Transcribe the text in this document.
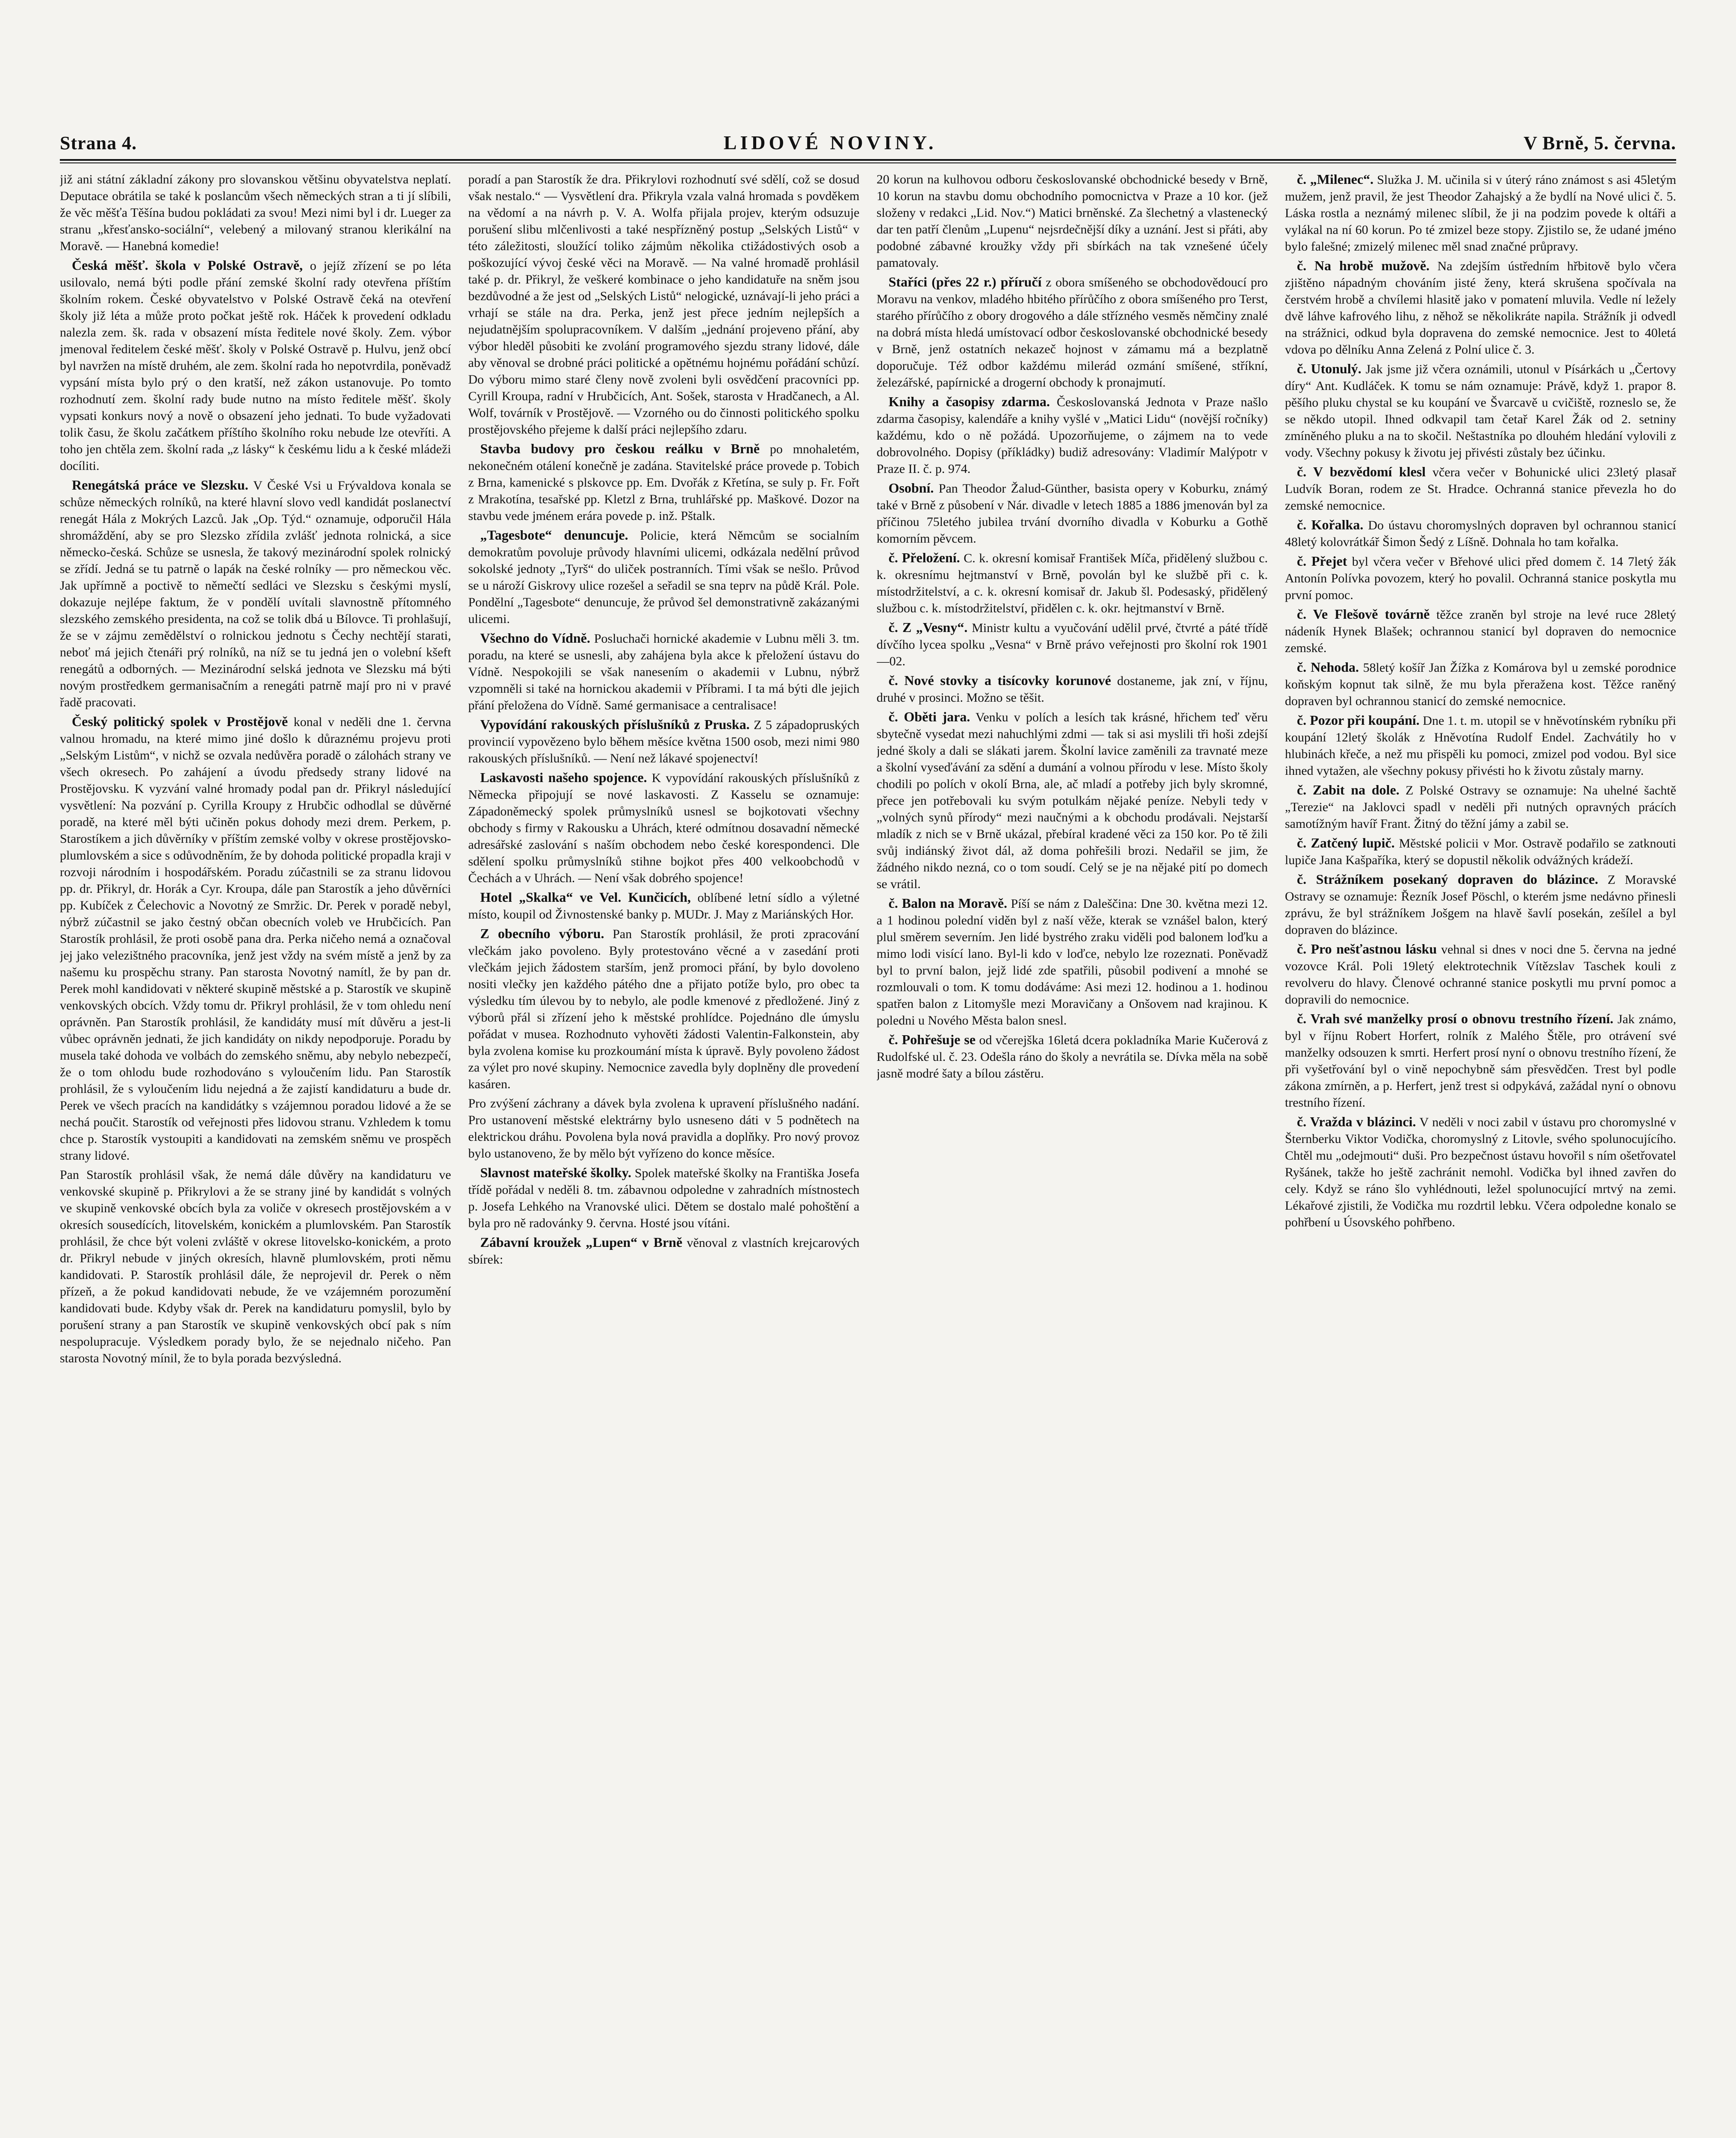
Strana 4.	LIDOVÉ NOVINY.	V Brně, 5. června.

již ani státní základní zákony pro slovanskou většinu obyvatelstva neplatí. Deputace obrátila se také k poslancům všech německých stran a ti jí slíbili, že věc měšťa Těšína budou pokládati za svou! Mezi nimi byl i dr. Lueger za stranu „křesťansko-sociální“, velebený a milovaný stranou klerikální na Moravě. — Hanebná komedie!

Česká měšť. škola v Polské Ostravě, o jejíž zřízení se po léta usilovalo, nemá býti podle přání zemské školní rady otevřena příštím školním rokem. České obyvatelstvo v Polské Ostravě čeká na otevření školy již léta a může proto počkat ještě rok. Háček k provedení odkladu nalezla zem. šk. rada v obsazení místa ředitele nové školy. Zem. výbor jmenoval ředitelem české měšť. školy v Polské Ostravě p. Hulvu, jenž obcí byl navržen na místě druhém, ale zem. školní rada ho nepotvrdila, poněvadž vypsání místa bylo prý o den kratší, než zákon ustanovuje. Po tomto rozhodnutí zem. školní rady bude nutno na místo ředitele měšť. školy vypsati konkurs nový a nově o obsazení jeho jednati. To bude vyžadovati tolik času, že školu začátkem příštího školního roku nebude lze otevříti. A toho jen chtěla zem. školní rada „z lásky“ k českému lidu a k české mládeži docíliti.

Renegátská práce ve Slezsku. V České Vsi u Frývaldova konala se schůze německých rolníků, na které hlavní slovo vedl kandidát poslanectví renegát Hála z Mokrých Lazců. Jak „Op. Týd.“ oznamuje, odporučil Hála shromáždění, aby se pro Slezsko zřídila zvlášť jednota rolnická, a sice německo-česká. Schůze se usnesla, že takový mezinárodní spolek rolnický se zřídí. Jedná se tu patrně o lapák na české rolníky — pro německou věc. Jak upřímně a poctivě to němečtí sedláci ve Slezsku s českými myslí, dokazuje nejlépe faktum, že v pondělí uvítali slavnostně přítomného slezského zemského presidenta, na což se tolik dbá u Bílovce. Ti prohlašují, že se v zájmu zemědělství o rolnickou jednotu s Čechy nechtějí starati, neboť má jejich čtenáři prý rolníků, na níž se tu jedná jen o volební kšeft renegátů a odborných. — Mezinárodní selská jednota ve Slezsku má býti novým prostředkem germanisačním a renegáti patrně mají pro ni v pravé řadě pracovati.

Český politický spolek v Prostějově konal v neděli dne 1. června valnou hromadu, na které mimo jiné došlo k důraznému projevu proti „Selským Listům“, v nichž se ozvala nedůvěra poradě o zálohách strany ve všech okresech. Po zahájení a úvodu předsedy strany lidové na Prostějovsku. K vyzvání valné hromady podal pan dr. Přikryl následující vysvětlení: Na pozvání p. Cyrilla Kroupy z Hrubčic odhodlal se důvěrné poradě, na které měl býti učiněn pokus dohody mezi drem. Perkem, p. Starostíkem a jich důvěrníky v příštím zemské volby v okrese prostějovsko-plumlovském a sice s odůvodněním, že by dohoda politické propadla kraji v rozvoji národním i hospodářském. Poradu zúčastnili se za stranu lidovou pp. dr. Přikryl, dr. Horák a Cyr. Kroupa, dále pan Starostík a jeho důvěrníci pp. Kubíček z Čelechovic a Novotný ze Smržic. Dr. Perek v poradě nebyl, nýbrž zúčastnil se jako čestný občan obecních voleb ve Hrubčicích. Pan Starostík prohlásil, že proti osobě pana dra. Perka ničeho nemá a označoval jej jako velezištného pracovníka, jenž jest vždy na svém místě a jenž by za našemu ku prospěchu strany. Pan starosta Novotný namítl, že by pan dr. Perek mohl kandidovati v některé skupině městské a p. Starostík ve skupině venkovských obcích. Vždy tomu dr. Přikryl prohlásil, že v tom ohledu není oprávněn. Pan Starostík prohlásil, že kandidáty musí mít důvěru a jest-li vůbec oprávněn jednati, že jich kandidáty on nikdy nepodporuje. Poradu by musela také dohoda ve volbách do zemského sněmu, aby nebylo nebezpečí, že o tom ohlodu bude rozhodováno s vyloučením lidu. Pan Starostík prohlásil, že s vyloučením lidu nejedná a že zajistí kandidaturu a bude dr. Perek ve všech pracích na kandidátky s vzájemnou poradou lidové a že se nechá poučit. Starostík od veřejnosti přes lidovou stranu. Vzhledem k tomu chce p. Starostík vystoupiti a kandidovati na zemském sněmu ve prospěch strany lidové.

Pan Starostík prohlásil však, že nemá dále důvěry na kandidaturu ve venkovské skupině p. Přikrylovi a že se strany jiné by kandidát s volných ve skupině venkovské obcích byla za voliče v okresech prostějovském a v okresích sousedících, litovelském, konickém a plumlovském. Pan Starostík prohlásil, že chce být voleni zvláště v okrese litovelsko-konickém, a proto dr. Přikryl nebude v jiných okresích, hlavně plumlovském, proti němu kandidovati. P. Starostík prohlásil dále, že neprojevil dr. Perek o něm přízeň, a že pokud kandidovati nebude, že ve vzájemném porozumění kandidovati bude. Kdyby však dr. Perek na kandidaturu pomyslil, bylo by porušení strany a pan Starostík ve skupině venkovských obcí pak s ním nespolupracuje. Výsledkem porady bylo, že se nejednalo ničeho. Pan starosta Novotný mínil, že to byla porada bezvýsledná.

poradí a pan Starostík že dra. Přikrylovi rozhodnutí své sdělí, což se dosud však nestalo.“ — Vysvětlení dra. Přikryla vzala valná hromada s povděkem na vědomí a na návrh p. V. A. Wolfa přijala projev, kterým odsuzuje porušení slibu mlčenlivosti a také nespřízněný postup „Selských Listů“ v této záležitosti, sloužící toliko zájmům několika ctižádostivých osob a poškozující vývoj české věci na Moravě. — Na valné hromadě prohlásil také p. dr. Přikryl, že veškeré kombinace o jeho kandidatuře na sněm jsou bezdůvodné a že jest od „Selských Listů“ nelogické, uznávají-li jeho práci a vrhají se stále na dra. Perka, jenž jest přece jedním nejlepších a nejudatnějším spolupracovníkem. V dalším „jednání projeveno přání, aby výbor hleděl působiti ke zvolání programového sjezdu strany lidové, dále aby věnoval se drobné práci politické a opětnému hojnému pořádání schůzí. Do výboru mimo staré členy nově zvoleni byli osvědčení pracovníci pp. Cyrill Kroupa, radní v Hrubčicích, Ant. Sošek, starosta v Hradčanech, a Al. Wolf, továrník v Prostějově. — Vzorného ou do činnosti politického spolku prostějovského přejeme k další práci nejlepšího zdaru.

Stavba budovy pro českou reálku v Brně po mnohaletém, nekonečném otálení konečně je zadána. Stavitelské práce provede p. Tobich z Brna, kamenické s plskovce pp. Em. Dvořák z Křetína, se suly p. Fr. Fořt z Mrakotína, tesařské pp. Kletzl z Brna, truhlářské pp. Maškové. Dozor na stavbu vede jménem erára povede p. inž. Pštalk.

„Tagesbote“ denuncuje. Policie, která Němcům se socialním demokratům povoluje průvody hlavními ulicemi, odkázala nedělní průvod sokolské jednoty „Tyrš“ do uliček postranních. Tími však se nešlo. Průvod se u nároží Giskrovy ulice rozešel a seřadil se sna teprv na půdě Král. Pole. Pondělní „Tagesbote“ denuncuje, že průvod šel demonstrativně zakázanými ulicemi.

Všechno do Vídně. Posluchači hornické akademie v Lubnu měli 3. tm. poradu, na které se usnesli, aby zahájena byla akce k přeložení ústavu do Vídně. Nespokojili se však nanesením o akademii v Lubnu, nýbrž vzpomněli si také na hornickou akademii v Příbrami. I ta má býti dle jejich přání přeložena do Vídně. Samé germanisace a centralisace!

Vypovídání rakouských příslušníků z Pruska. Z 5 západopruských provincií vypovězeno bylo během měsíce května 1500 osob, mezi nimi 980 rakouských příslušníků. — Není než lákavé spojenectví!

Laskavosti našeho spojence. K vypovídání rakouských příslušníků z Německa připojují se nové laskavosti. Z Kasselu se oznamuje: Západoněmecký spolek průmyslníků usnesl se bojkotovati všechny obchody s firmy v Rakousku a Uhrách, které odmítnou dosavadní německé adresářské zaslování s naším obchodem nebo české korespondenci. Dle sdělení spolku průmyslníků stihne bojkot přes 400 velkoobchodů v Čechách a v Uhrách. — Není však dobrého spojence!

Hotel „Skalka“ ve Vel. Kunčicích, oblíbené letní sídlo a výletné místo, koupil od Živnostenské banky p. MUDr. J. May z Mariánských Hor.

Z obecního výboru. Pan Starostík prohlásil, že proti zpracování vlečkám jako povoleno. Byly protestováno věcné a v zasedání proti vlečkám jejich žádostem starším, jenž promoci přání, by bylo dovoleno nositi vlečky jen každého pátého dne a přijato potíže bylo, pro obec ta výsledku tím úlevou by to nebylo, ale podle kmenové z předložené. Jiný z výborů přál si zřízení jeho k městské prohlídce. Pojednáno dle úmyslu pořádat v musea. Rozhodnuto vyhověti žádosti Valentin-Falkonstein, aby byla zvolena komise ku prozkoumání místa k úpravě. Byly povoleno žádost za výlet pro nové skupiny. Nemocnice zavedla byly doplněny dle provedení kasáren.

Pro zvýšení záchrany a dávek byla zvolena k upravení příslušného nadání. Pro ustanovení městské elektrárny bylo usneseno dáti v 5 podnětech na elektrickou dráhu. Povolena byla nová pravidla a doplňky. Pro nový provoz bylo ustanoveno, že by mělo být vyřízeno do konce měsíce.

Slavnost mateřské školky. Spolek mateřské školky na Františka Josefa třídě pořádal v neděli 8. tm. zábavnou odpoledne v zahradních místnostech p. Josefa Lehkého na Vranovské ulici. Dětem se dostalo malé pohoštění a byla pro ně radovánky 9. června. Hosté jsou vítáni.

Zábavní kroužek „Lupen“ v Brně věnoval z vlastních krejcarových sbírek:

20 korun na kulhovou odboru českoslovanské obchodnické besedy v Brně, 10 korun na stavbu domu obchodního pomocnictva v Praze a 10 kor. (jež složeny v redakci „Lid. Nov.“) Matici brněnské. Za šlechetný a vlastenecký dar ten patří členům „Lupenu“ nejsrdečnější díky a uznání. Jest si přáti, aby podobné zábavné kroužky vždy při sbírkách na tak vznešené účely pamatovaly.

Staříci (přes 22 r.) příručí z obora smíšeného se obchodovědoucí pro Moravu na venkov, mladého hbitého přírůčího z obora smíšeného pro Terst, starého přírůčího z obory drogového a dále střízného vesměs němčiny znalé na dobrá místa hledá umístovací odbor českoslovanské obchodnické besedy v Brně, jenž ostatních nekazeč hojnost v zámamu má a bezplatně doporučuje. Též odbor každému milerád ozmání smíšené, stříkní, železářské, papírnické a drogerní obchody k pronajmutí.

Knihy a časopisy zdarma. Českoslovanská Jednota v Praze našlo zdarma časopisy, kalendáře a knihy vyšlé v „Matici Lidu“ (novější ročníky) každému, kdo o ně požádá. Upozorňujeme, o zájmem na to vede dobrovolného. Dopisy (příkládky) budiž adresovány: Vladimír Malýpotr v Praze II. č. p. 974.

Osobní. Pan Theodor Žalud-Günther, basista opery v Koburku, známý také v Brně z působení v Nár. divadle v letech 1885 a 1886 jmenován byl za příčinou 75letého jubilea trvání dvorního divadla v Koburku a Gothě komorním pěvcem.

č. Přeložení. C. k. okresní komisař František Míča, přidělený službou c. k. okresnímu hejtmanství v Brně, povolán byl ke službě při c. k. místodržitelství, a c. k. okresní komisař dr. Jakub šl. Podesaský, přidělený službou c. k. místodržitelství, přidělen c. k. okr. hejtmanství v Brně.

č. Z „Vesny“. Ministr kultu a vyučování udělil prvé, čtvrté a páté třídě dívčího lycea spolku „Vesna“ v Brně právo veřejnosti pro školní rok 1901—02.

č. Nové stovky a tisícovky korunové dostaneme, jak zní, v říjnu, druhé v prosinci. Možno se těšit.

č. Oběti jara. Venku v polích a lesích tak krásné, hřichem teď věru sbytečně vysedat mezi nahuchlými zdmi — tak si asi myslili tři hoši zdejší jedné školy a dali se slákati jarem. Školní lavice zaměnili za travnaté meze a školní vyseďávání za sdění a dumání a volnou přírodu v lese. Místo školy chodili po polích v okolí Brna, ale, ač mladí a potřeby jich byly skromné, přece jen potřebovali ku svým potulkám nějaké peníze. Nebyli tedy v „volných synů přírody“ mezi naučnými a k obchodu prodávali. Nejstarší mladík z nich se v Brně ukázal, přebíral kradené věci za 150 kor. Po tě žili svůj indiánský život dál, až doma pohřešili brozi. Nedařil se jim, že žádného nikdo nezná, co o tom soudí. Celý se je na nějaké pití po domech se vrátil.

č. Balon na Moravě. Píší se nám z Daleščina: Dne 30. května mezi 12. a 1 hodinou polední viděn byl z naší věže, kterak se vznášel balon, který plul směrem severním. Jen lidé bystrého zraku viděli pod balonem loďku a mimo lodi visící lano. Byl-li kdo v loďce, nebylo lze rozeznati. Poněvadž byl to první balon, jejž lidé zde spatřili, působil podivení a mnohé se rozmlouvali o tom. K tomu dodáváme: Asi mezi 12. hodinou a 1. hodinou spatřen balon z Litomyšle mezi Moravičany a Onšovem nad krajinou. K poledni u Nového Města balon snesl.

č. Pohřešuje se od včerejška 16letá dcera pokladníka Marie Kučerová z Rudolfské ul. č. 23. Odešla ráno do školy a nevrátila se. Dívka měla na sobě jasně modré šaty a bílou zástěru.

č. „Milenec“. Služka J. M. učinila si v úterý ráno známost s asi 45letým mužem, jenž pravil, že jest Theodor Zahajský a že bydlí na Nové ulici č. 5. Láska rostla a neznámý milenec slíbil, že ji na podzim povede k oltáři a vylákal na ní 60 korun. Po té zmizel beze stopy. Zjistilo se, že udané jméno bylo falešné; zmizelý milenec měl snad značné průpravy.

č. Na hrobě mužově. Na zdejším ústředním hřbitově bylo včera zjištěno nápadným chováním jisté ženy, která skrušena spočívala na čerstvém hrobě a chvílemi hlasitě jako v pomatení mluvila. Vedle ní ležely dvě láhve kafrového lihu, z něhož se několikráte napila. Strážník ji odvedl na strážnici, odkud byla dopravena do zemské nemocnice. Jest to 40letá vdova po dělníku Anna Zelená z Polní ulice č. 3.

č. Utonulý. Jak jsme již včera oznámili, utonul v Písárkách u „Čertovy díry“ Ant. Kudláček. K tomu se nám oznamuje: Právě, když 1. prapor 8. pěšího pluku chystal se ku koupání ve Švarcavě u cvičiště, rozneslo se, že se někdo utopil. Ihned odkvapil tam četař Karel Žák od 2. setniny zmíněného pluku a na to skočil. Neštastníka po dlouhém hledání vylovili z vody. Všechny pokusy k životu jej přivésti zůstaly bez účinku.

č. V bezvědomí klesl včera večer v Bohunické ulici 23letý plasař Ludvík Boran, rodem ze St. Hradce. Ochranná stanice převezla ho do zemské nemocnice.

č. Kořalka. Do ústavu choromyslných dopraven byl ochrannou stanicí 48letý kolovrátkář Šimon Šedý z Líšně. Dohnala ho tam kořalka.

č. Přejet byl včera večer v Břehové ulici před domem č. 14 7letý žák Antonín Polívka povozem, který ho povalil. Ochranná stanice poskytla mu první pomoc.

č. Ve Flešově továrně těžce zraněn byl stroje na levé ruce 28letý nádeník Hynek Blašek; ochrannou stanicí byl dopraven do nemocnice zemské.

č. Nehoda. 58letý košíř Jan Žížka z Komárova byl u zemské porodnice koňským kopnut tak silně, že mu byla přeražena kost. Těžce raněný dopraven byl ochrannou stanicí do zemské nemocnice.

č. Pozor při koupání. Dne 1. t. m. utopil se v hněvotínském rybníku při koupání 12letý školák z Hněvotína Rudolf Endel. Zachvátily ho v hlubinách křeče, a než mu přispěli ku pomoci, zmizel pod vodou. Byl sice ihned vytažen, ale všechny pokusy přivésti ho k životu zůstaly marny.

č. Zabit na dole. Z Polské Ostravy se oznamuje: Na uhelné šachtě „Terezie“ na Jaklovci spadl v neděli při nutných opravných prácích samotížným havíř Frant. Žitný do těžní jámy a zabil se.

č. Zatčený lupič. Městské policii v Mor. Ostravě podařilo se zatknouti lupiče Jana Kašpaříka, který se dopustil několik odvážných krádeží.

č. Strážníkem posekaný dopraven do blázince. Z Moravské Ostravy se oznamuje: Řezník Josef Pöschl, o kterém jsme nedávno přinesli zprávu, že byl strážníkem Jošgem na hlavě šavlí posekán, zešílel a byl dopraven do blázince.

č. Pro nešťastnou lásku vehnal si dnes v noci dne 5. června na jedné vozovce Král. Poli 19letý elektrotechnik Vítězslav Taschek kouli z revolveru do hlavy. Členové ochranné stanice poskytli mu první pomoc a dopravili do nemocnice.

č. Vrah své manželky prosí o obnovu trestního řízení. Jak známo, byl v říjnu Robert Horfert, rolník z Malého Štěle, pro otrávení své manželky odsouzen k smrti. Herfert prosí nyní o obnovu trestního řízení, že při vyšetřování byl o vině nepochybně sám přesvědčen. Trest byl podle zákona zmírněn, a p. Herfert, jenž trest si odpykává, zažádal nyní o obnovu trestního řízení.

č. Vražda v blázinci. V neděli v noci zabil v ústavu pro choromyslné v Šternberku Viktor Vodička, choromyslný z Litovle, svého spolunocujícího. Chtěl mu „odejmouti“ duši. Pro bezpečnost ústavu hovořil s ním ošetřovatel Ryšánek, takže ho ještě zachránit nemohl. Vodička byl ihned zavřen do cely. Když se ráno šlo vyhlédnouti, ležel spolunocující mrtvý na zemi. Lékařové zjistili, že Vodička mu rozdrtil lebku. Včera odpoledne konalo se pohřbení u Úsovského pohřbeno.
